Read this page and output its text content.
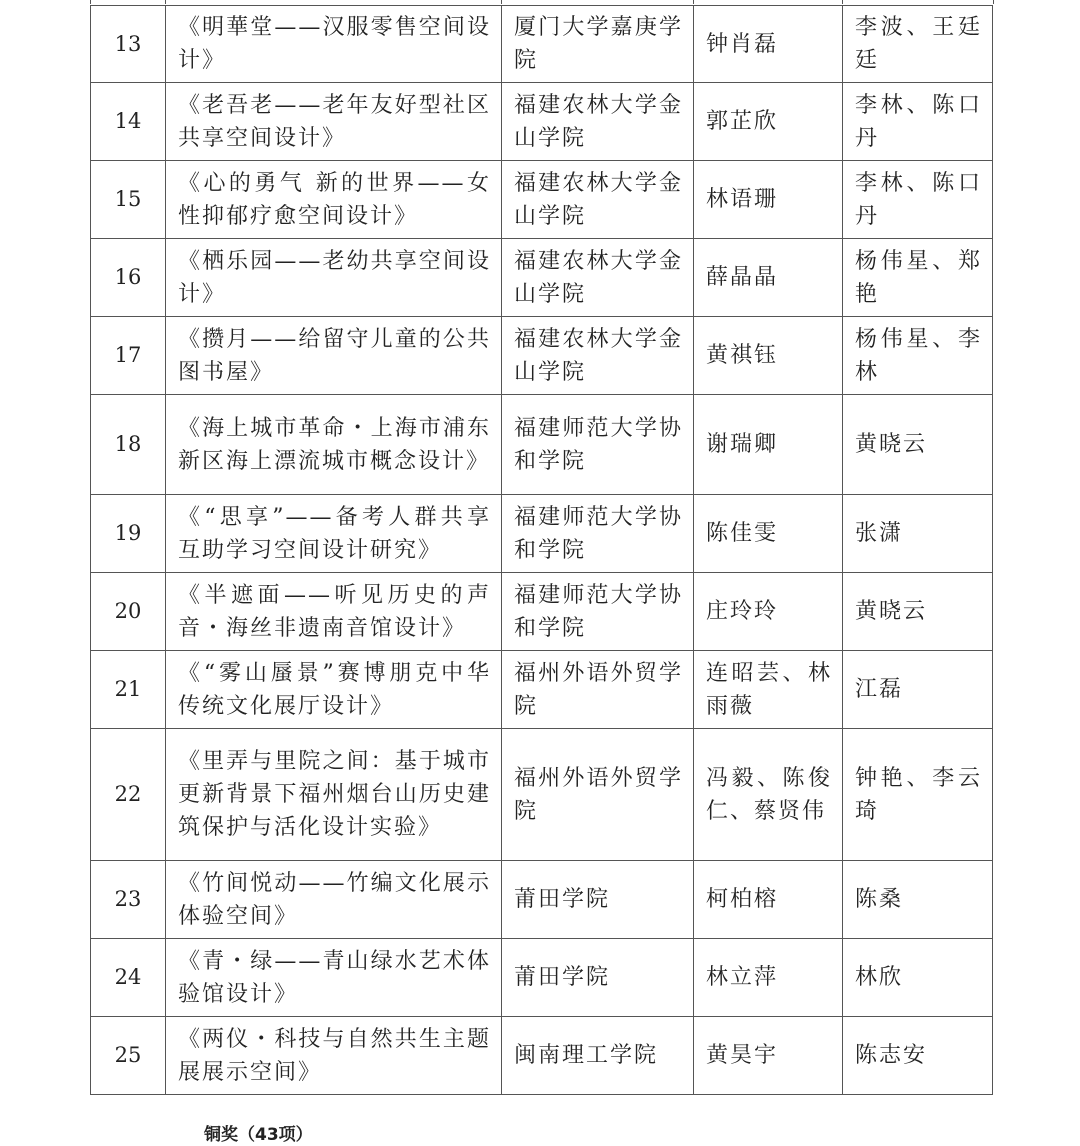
13	《明華堂——汉服零售空间设计》	厦门大学嘉庚学院	钟肖磊	李波、王廷廷
14	《老吾老——老年友好型社区共享空间设计》	福建农林大学金山学院	郭芷欣	李林、陈口丹
15	《心的勇气 新的世界——女性抑郁疗愈空间设计》	福建农林大学金山学院	林语珊	李林、陈口丹
16	《栖乐园——老幼共享空间设计》	福建农林大学金山学院	薛晶晶	杨伟星、郑艳
17	《攒月——给留守儿童的公共图书屋》	福建农林大学金山学院	黄祺钰	杨伟星、李林
18	《海上城市革命・上海市浦东新区海上漂流城市概念设计》	福建师范大学协和学院	谢瑞卿	黄晓云
19	《“思享”——备考人群共享互助学习空间设计研究》	福建师范大学协和学院	陈佳雯	张潇
20	《半遮面——听见历史的声音・海丝非遗南音馆设计》	福建师范大学协和学院	庄玲玲	黄晓云
21	《“雾山蜃景”赛博朋克中华传统文化展厅设计》	福州外语外贸学院	连昭芸、林雨薇	江磊
22	《里弄与里院之间：基于城市更新背景下福州烟台山历史建筑保护与活化设计实验》	福州外语外贸学院	冯毅、陈俊仁、蔡贤伟	钟艳、李云琦
23	《竹间悦动——竹编文化展示体验空间》	莆田学院	柯柏榕	陈桑
24	《青・绿——青山绿水艺术体验馆设计》	莆田学院	林立萍	林欣
25	《两仪・科技与自然共生主题展展示空间》	闽南理工学院	黄昊宇	陈志安
铜奖（43项）
